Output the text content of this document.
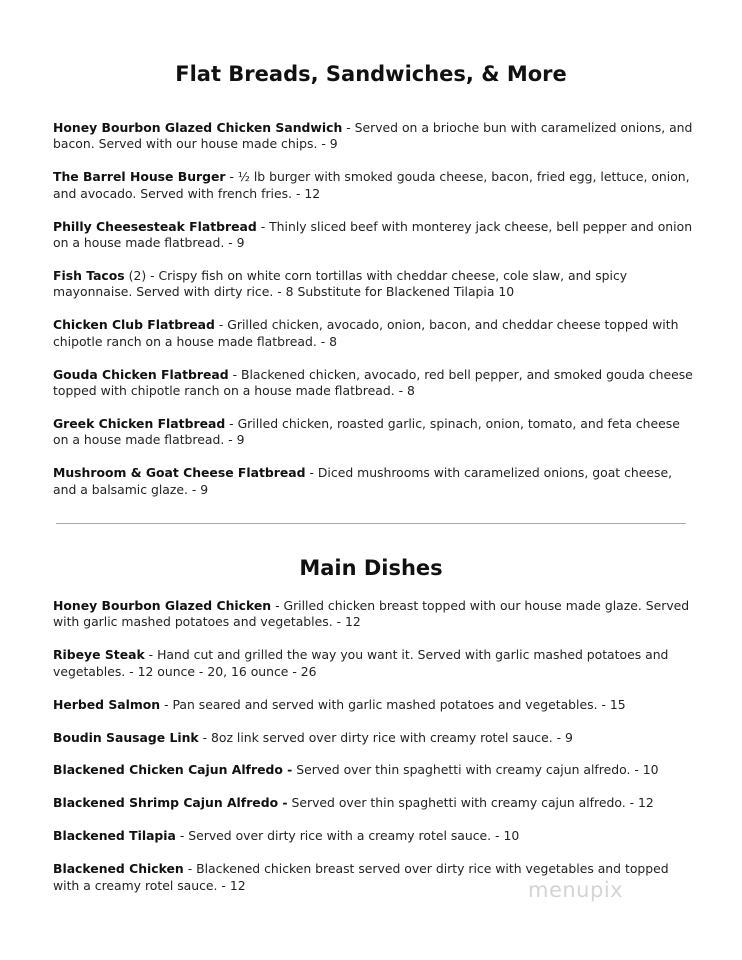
Flat Breads, Sandwiches, & More

Honey Bourbon Glazed Chicken Sandwich - Served on a brioche bun with caramelized onions, and bacon. Served with our house made chips. - 9

The Barrel House Burger - ½ lb burger with smoked gouda cheese, bacon, fried egg, lettuce, onion, and avocado. Served with french fries. - 12

Philly Cheesesteak Flatbread - Thinly sliced beef with monterey jack cheese, bell pepper and onion on a house made flatbread. - 9

Fish Tacos (2) - Crispy fish on white corn tortillas with cheddar cheese, cole slaw, and spicy mayonnaise. Served with dirty rice. - 8 Substitute for Blackened Tilapia 10

Chicken Club Flatbread - Grilled chicken, avocado, onion, bacon, and cheddar cheese topped with chipotle ranch on a house made flatbread. - 8

Gouda Chicken Flatbread - Blackened chicken, avocado, red bell pepper, and smoked gouda cheese topped with chipotle ranch on a house made flatbread. - 8

Greek Chicken Flatbread - Grilled chicken, roasted garlic, spinach, onion, tomato, and feta cheese on a house made flatbread. - 9

Mushroom & Goat Cheese Flatbread - Diced mushrooms with caramelized onions, goat cheese, and a balsamic glaze. - 9

Main Dishes

Honey Bourbon Glazed Chicken - Grilled chicken breast topped with our house made glaze. Served with garlic mashed potatoes and vegetables. - 12

Ribeye Steak - Hand cut and grilled the way you want it. Served with garlic mashed potatoes and vegetables. - 12 ounce - 20, 16 ounce - 26

Herbed Salmon - Pan seared and served with garlic mashed potatoes and vegetables. - 15

Boudin Sausage Link - 8oz link served over dirty rice with creamy rotel sauce. - 9

Blackened Chicken Cajun Alfredo - Served over thin spaghetti with creamy cajun alfredo. - 10

Blackened Shrimp Cajun Alfredo - Served over thin spaghetti with creamy cajun alfredo. - 12

Blackened Tilapia - Served over dirty rice with a creamy rotel sauce. - 10

Blackened Chicken - Blackened chicken breast served over dirty rice with vegetables and topped with a creamy rotel sauce. - 12	menupix
